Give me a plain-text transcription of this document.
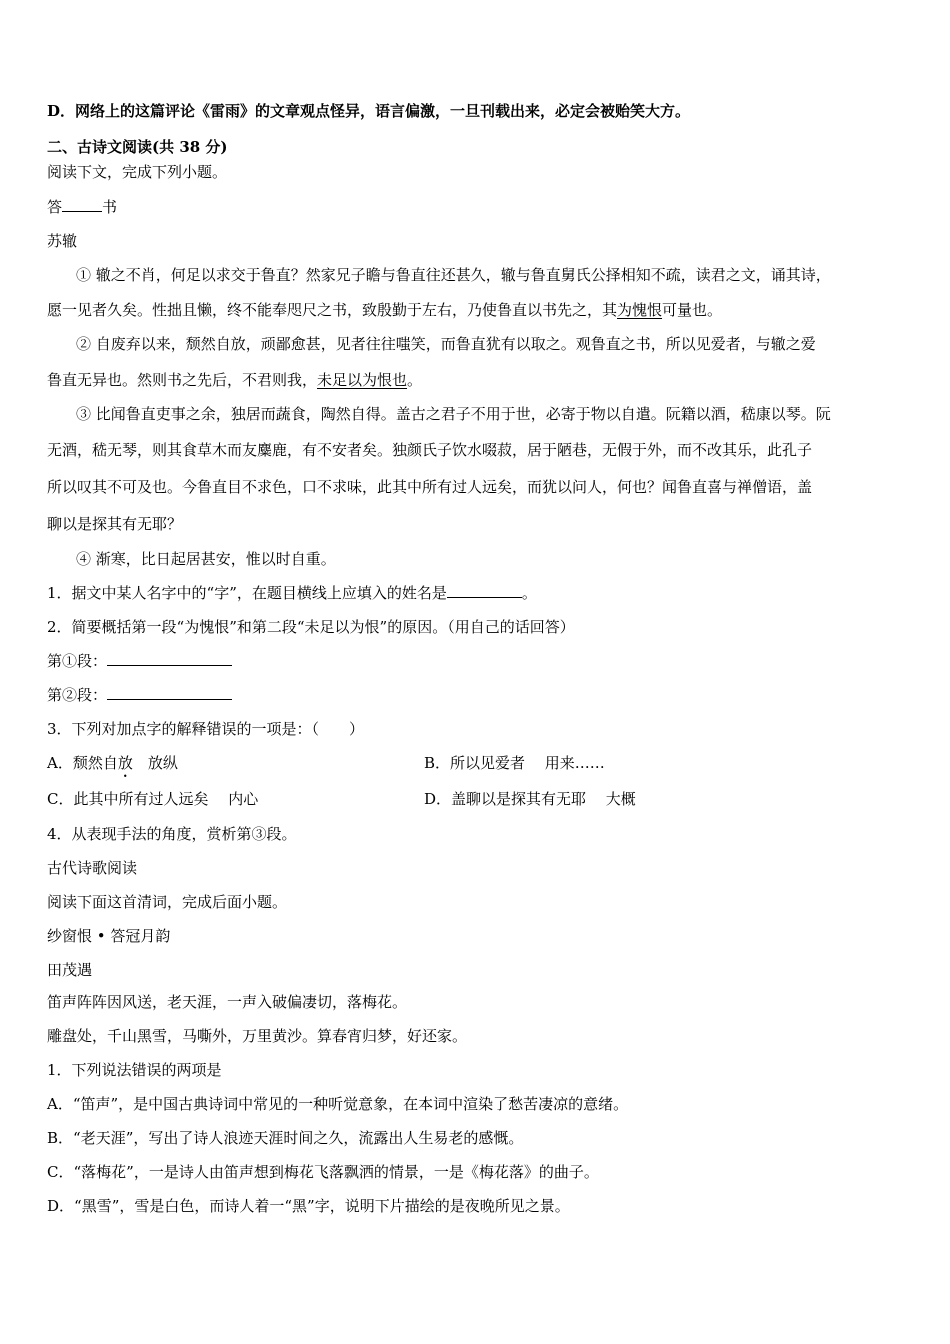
D．网络上的这篇评论《雷雨》的文章观点怪异，语言偏激，一旦刊载出来，必定会被贻笑大方。
二、古诗文阅读(共 38 分)
阅读下文，完成下列小题。
答	书
苏辙
① 辙之不肖，何足以求交于鲁直？然家兄子瞻与鲁直往还甚久，辙与鲁直舅氏公择相知不疏，读君之文，诵其诗，
愿一见者久矣。性拙且懒，终不能奉咫尺之书，致殷勤于左右，乃使鲁直以书先之，其为愧恨可量也。
② 自废弃以来，颓然自放，顽鄙愈甚，见者往往嗤笑，而鲁直犹有以取之。观鲁直之书，所以见爱者，与辙之爱
鲁直无异也。然则书之先后，不君则我，未足以为恨也。
③ 比闻鲁直吏事之余，独居而蔬食，陶然自得。盖古之君子不用于世，必寄于物以自遣。阮籍以酒，嵇康以琴。阮
无酒，嵇无琴，则其食草木而友麋鹿，有不安者矣。独颜氏子饮水啜菽，居于陋巷，无假于外，而不改其乐，此孔子
所以叹其不可及也。今鲁直目不求色，口不求味，此其中所有过人远矣，而犹以问人，何也？闻鲁直喜与禅僧语，盖
聊以是探其有无耶？
④ 渐寒，比日起居甚安，惟以时自重。
1．据文中某人名字中的“字”，在题目横线上应填入的姓名是	。
2．简要概括第一段“为愧恨”和第二段“未足以为恨”的原因。（用自己的话回答）
第①段：
第②段：
3．下列对加点字的解释错误的一项是：（　　）
A．颓然自放　放纵	B．所以见爱者　 用来……
C．此其中所有过人远矣　 内心	D．盖聊以是探其有无耶　 大概
4．从表现手法的角度，赏析第③段。
古代诗歌阅读
阅读下面这首清词，完成后面小题。
纱窗恨 • 答冠月韵
田茂遇
笛声阵阵因风送，老天涯，一声入破偏凄切，落梅花。
雕盘处，千山黑雪，马嘶外，万里黄沙。算春宵归梦，好还家。
1．下列说法错误的两项是
A．“笛声”，是中国古典诗词中常见的一种听觉意象，在本词中渲染了愁苦凄凉的意绪。
B．“老天涯”，写出了诗人浪迹天涯时间之久，流露出人生易老的感慨。
C．“落梅花”，一是诗人由笛声想到梅花飞落飘洒的情景，一是《梅花落》的曲子。
D．“黑雪”，雪是白色，而诗人着一“黑”字，说明下片描绘的是夜晚所见之景。
